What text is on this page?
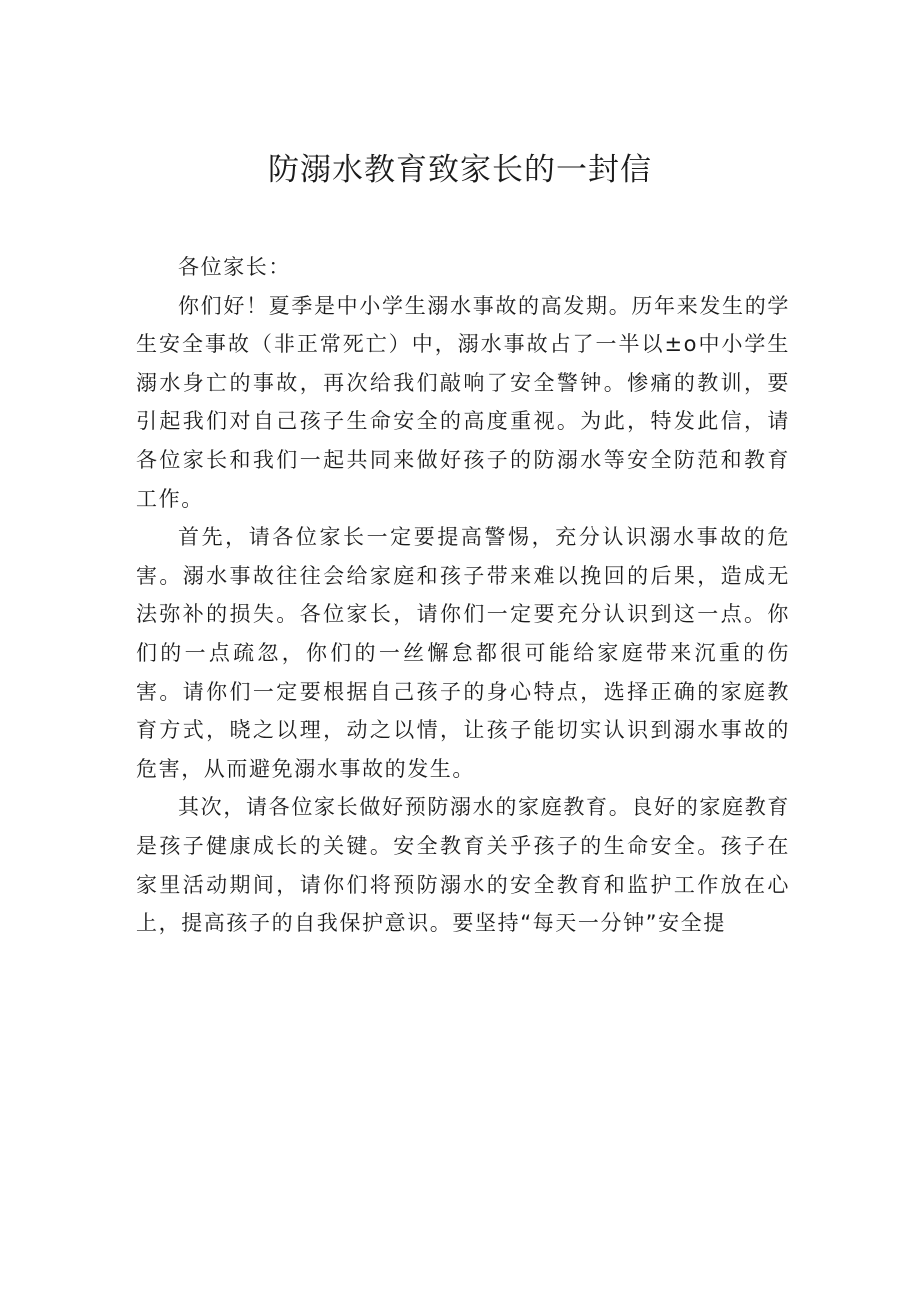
防溺水教育致家长的一封信

各位家长：

你们好！夏季是中小学生溺水事故的高发期。历年来发生的学生安全事故（非正常死亡）中，溺水事故占了一半以±o中小学生溺水身亡的事故，再次给我们敲响了安全警钟。惨痛的教训，要引起我们对自己孩子生命安全的高度重视。为此，特发此信，请各位家长和我们一起共同来做好孩子的防溺水等安全防范和教育工作。

首先，请各位家长一定要提高警惕，充分认识溺水事故的危害。溺水事故往往会给家庭和孩子带来难以挽回的后果，造成无法弥补的损失。各位家长，请你们一定要充分认识到这一点。你们的一点疏忽，你们的一丝懈怠都很可能给家庭带来沉重的伤害。请你们一定要根据自己孩子的身心特点，选择正确的家庭教育方式，晓之以理，动之以情，让孩子能切实认识到溺水事故的危害，从而避免溺水事故的发生。

其次，请各位家长做好预防溺水的家庭教育。良好的家庭教育是孩子健康成长的关键。安全教育关乎孩子的生命安全。孩子在家里活动期间，请你们将预防溺水的安全教育和监护工作放在心上，提高孩子的自我保护意识。要坚持“每天一分钟”安全提
